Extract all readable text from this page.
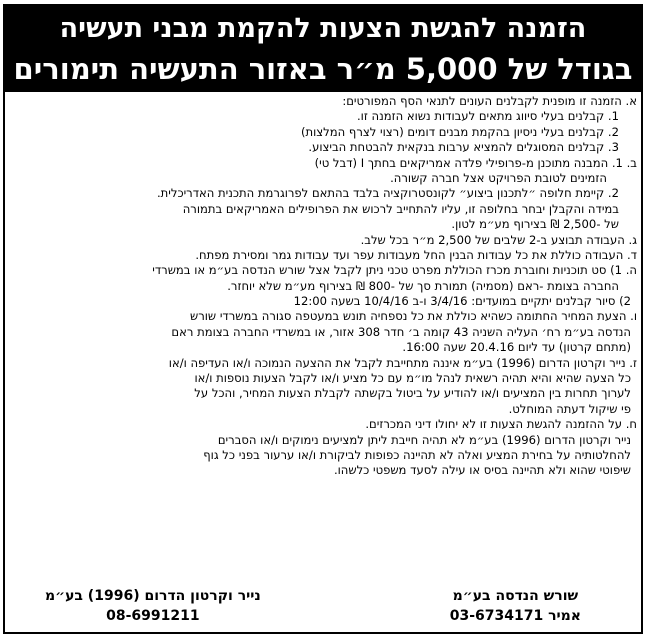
הזמנה להגשת הצעות להקמת מבני תעשיה
בגודל של 5,000 מ״ר באזור התעשיה תימורים
א. הזמנה זו מופנית לקבלנים העונים לתנאי הסף המפורטים:
1. קבלנים בעלי סיווג מתאים לעבודות נשוא הזמנה זו.
2. קבלנים בעלי ניסיון בהקמת מבנים דומים (רצוי לצרף המלצות)
3. קבלנים המסוגלים להמציא ערבות בנקאית להבטחת הביצוע.
ב. 1. המבנה מתוכנן מ-פרופילי פלדה אמריקאים בחתך I (דבל טי)
הזמינים לטובת הפרויקט אצל חברה קשורה.
2. קיימת חלופה ״לתכנון ביצוע״ לקונסטרוקציה בלבד בהתאם לפרוגרמת התכנית האדריכלית.
במידה והקבלן יבחר בחלופה זו, עליו להתחייב לרכוש את הפרופילים האמריקאים בתמורה
של -2,500 ₪ בצירוף מע״מ לטון.
ג. העבודה תבוצע ב-2 שלבים של 2,500 מ״ר בכל שלב.
ד. העבודה כוללת את כל עבודות הבנין החל מעבודות עפר ועד עבודות גמר ומסירת מפתח.
ה. 1) סט תוכניות וחוברת מכרז הכוללת מפרט טכני ניתן לקבל אצל שורש הנדסה בע״מ או במשרדי
החברה בצומת -ראם (מסמיה) תמורת סך של -800 ₪ בצירוף מע״מ שלא יוחזר.
2) סיור קבלנים יתקיים במועדים: 3/4/16 ו-ב 10/4/16 בשעה 12:00
ו. הצעת המחיר החתומה כשהיא כוללת את כל נספחיה תונש במעטפה סגורה במשרדי שורש
הנדסה בע״מ רח׳ העליה השניה 43 קומה ב׳ חדר 308 אזור, או במשרדי החברה בצומת ראם
(מתחם קרטון) עד ליום 20.4.16 שעה 16:00.
ז. נייר וקרטון הדרום (1996) בע״מ איננה מתחייבת לקבל את ההצעה הנמוכה ו/או העדיפה ו/או
כל הצעה שהיא והיא תהיה רשאית לנהל מו״מ עם כל מציע ו/או לקבל הצעות נוספות ו/או
לערוך תחרות בין המציעים ו/או להודיע על ביטול בקשתה לקבלת הצעות המחיר, והכל על
פי שיקול דעתה המוחלט.
ח. על ההזמנה להגשת הצעות זו לא יחולו דיני המכרזים.
נייר וקרטון הדרום (1996) בע״מ לא תהיה חייבת ליתן למציעים נימוקים ו/או הסברים
להחלטותיה על בחירת המציע ואלה לא תהיינה כפופות לביקורת ו/או ערעור בפני כל גוף
שיפוטי שהוא ולא תהיינה בסיס או עילה לסעד משפטי כלשהו.
שורש הנדסה בע״מ
אמיר 03-6734171
נייר וקרטון הדרום (1996) בע״מ
08-6991211
